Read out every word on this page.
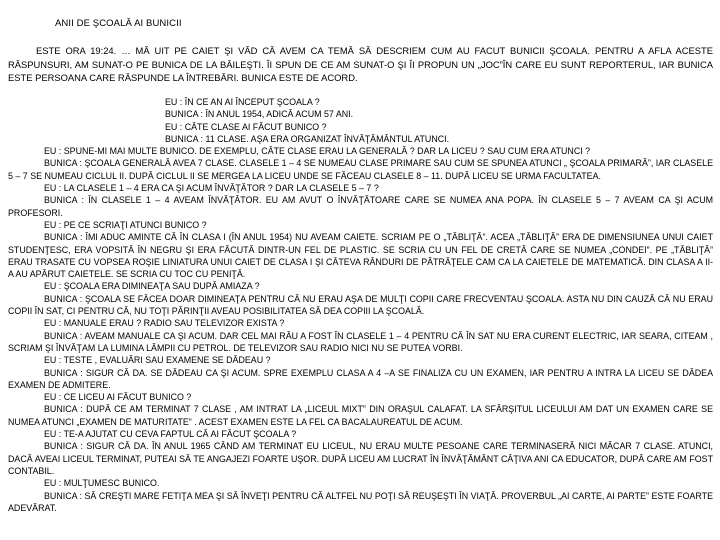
ANII DE ŞCOALĂ AI BUNICII
ESTE ORA 19:24. … MĂ UIT PE CAIET ŞI VĂD CĂ AVEM CA TEMĂ SĂ DESCRIEM CUM AU FACUT BUNICII ŞCOALA. PENTRU A AFLA ACESTE RĂSPUNSURI, AM SUNAT-O PE BUNICA DE LA BĂILEŞTI. ÎI SPUN DE CE AM SUNAT-O ŞI ÎI PROPUN UN „JOC”ÎN CARE EU SUNT REPORTERUL, IAR BUNICA ESTE PERSOANA CARE RĂSPUNDE LA ÎNTREBĂRI. BUNICA ESTE DE ACORD.
EU : ÎN CE AN AI ÎNCEPUT ŞCOALA ?
BUNICA : ÎN ANUL 1954, ADICĂ ACUM 57 ANI.
EU : CÂTE CLASE AI FĂCUT BUNICO ?
BUNICA : 11 CLASE. AŞA ERA ORGANIZAT ÎNVĂŢĂMÂNTUL ATUNCI.
EU : SPUNE-MI MAI MULTE BUNICO. DE EXEMPLU, CÂTE CLASE ERAU LA GENERALĂ ? DAR LA LICEU ? SAU CUM ERA ATUNCI ?
BUNICA : ŞCOALA GENERALĂ AVEA 7 CLASE. CLASELE 1 – 4 SE NUMEAU CLASE PRIMARE SAU CUM SE SPUNEA ATUNCI „ ŞCOALA PRIMARĂ”, IAR CLASELE 5 – 7 SE NUMEAU CICLUL II. DUPĂ CICLUL II SE MERGEA LA LICEU UNDE SE FĂCEAU CLASELE 8 – 11. DUPĂ LICEU SE URMA FACULTATEA.
EU : LA CLASELE 1 – 4 ERA CA ŞI ACUM ÎNVĂŢĂTOR ? DAR LA CLASELE 5 – 7 ?
BUNICA : ÎN CLASELE 1 – 4 AVEAM ÎNVĂŢĂTOR. EU AM AVUT O ÎNVĂŢĂTOARE CARE SE NUMEA ANA POPA. ÎN CLASELE 5 – 7 AVEAM CA ŞI ACUM PROFESORI.
EU : PE CE SCRIAŢI ATUNCI BUNICO ?
BUNICA : ÎMI ADUC AMINTE CĂ ÎN CLASA I (ÎN ANUL 1954) NU AVEAM CAIETE. SCRIAM PE O „TĂBLIŢĂ”. ACEA „TĂBLIŢĂ” ERA DE DIMENSIUNEA UNUI CAIET STUDENŢESC, ERA VOPSITĂ ÎN NEGRU ŞI ERA FĂCUTĂ DINTR-UN FEL DE PLASTIC. SE SCRIA CU UN FEL DE CRETĂ CARE SE NUMEA „CONDEI”. PE „TĂBLIŢĂ” ERAU TRASATE CU VOPSEA ROŞIE LINIATURA UNUI CAIET DE CLASA I ŞI CÂTEVA RÂNDURI DE PĂTRĂŢELE CAM CA LA CAIETELE DE MATEMATICĂ. DIN CLASA A II-A AU APĂRUT CAIETELE. SE SCRIA CU TOC CU PENIŢĂ.
EU : ŞCOALA ERA DIMINEAŢA SAU DUPĂ AMIAZA ?
BUNICA : ŞCOALA SE FĂCEA DOAR DIMINEAŢA PENTRU CĂ NU ERAU AŞA DE MULŢI COPII CARE FRECVENTAU ŞCOALA. ASTA NU DIN CAUZĂ CĂ NU ERAU COPII ÎN SAT, CI PENTRU CĂ, NU TOŢI PĂRINŢII AVEAU POSIBILITATEA SĂ DEA COPIII LA ŞCOALĂ.
EU : MANUALE ERAU ? RADIO SAU TELEVIZOR EXISTA ?
BUNICA : AVEAM MANUALE CA ŞI ACUM. DAR CEL MAI RĂU A FOST ÎN CLASELE 1 – 4 PENTRU CĂ ÎN SAT NU ERA CURENT ELECTRIC, IAR SEARA, CITEAM , SCRIAM ŞI ÎNVĂŢAM LA LUMINA LĂMPII CU PETROL. DE TELEVIZOR SAU RADIO NICI NU SE PUTEA VORBI.
EU : TESTE , EVALUĂRI SAU EXAMENE SE DĂDEAU ?
BUNICA : SIGUR CĂ DA. SE DĂDEAU CA ŞI ACUM. SPRE EXEMPLU CLASA A 4 –A SE FINALIZA CU UN EXAMEN, IAR PENTRU A INTRA LA LICEU SE DĂDEA EXAMEN DE ADMITERE.
EU : CE LICEU AI FĂCUT BUNICO ?
BUNICA : DUPĂ CE AM TERMINAT 7 CLASE , AM INTRAT LA „LICEUL MIXT” DIN ORAŞUL CALAFAT. LA SFÂRŞITUL LICEULUI AM DAT UN EXAMEN CARE SE NUMEA ATUNCI „EXAMEN DE MATURITATE” . ACEST EXAMEN ESTE LA FEL CA BACALAUREATUL DE ACUM.
EU : TE-A AJUTAT CU CEVA FAPTUL CĂ AI FĂCUT ŞCOALA ?
BUNICA : SIGUR CĂ DA. ÎN ANUL 1965 CÂND AM TERMINAT EU LICEUL, NU ERAU MULTE PESOANE CARE TERMINASERĂ NICI MĂCAR 7 CLASE. ATUNCI, DACĂ AVEAI LICEUL TERMINAT, PUTEAI SĂ TE ANGAJEZI FOARTE UŞOR. DUPĂ LICEU AM LUCRAT ÎN ÎNVĂŢĂMÂNT CÂŢIVA ANI CA EDUCATOR, DUPĂ CARE AM FOST CONTABIL.
EU : MULŢUMESC BUNICO.
BUNICA : SĂ CREŞTI MARE FETIŢA MEA ŞI SĂ ÎNVEŢI PENTRU CĂ ALTFEL NU POŢI SĂ REUŞEŞTI ÎN VIAŢĂ. PROVERBUL „AI CARTE, AI PARTE” ESTE FOARTE ADEVĂRAT.
